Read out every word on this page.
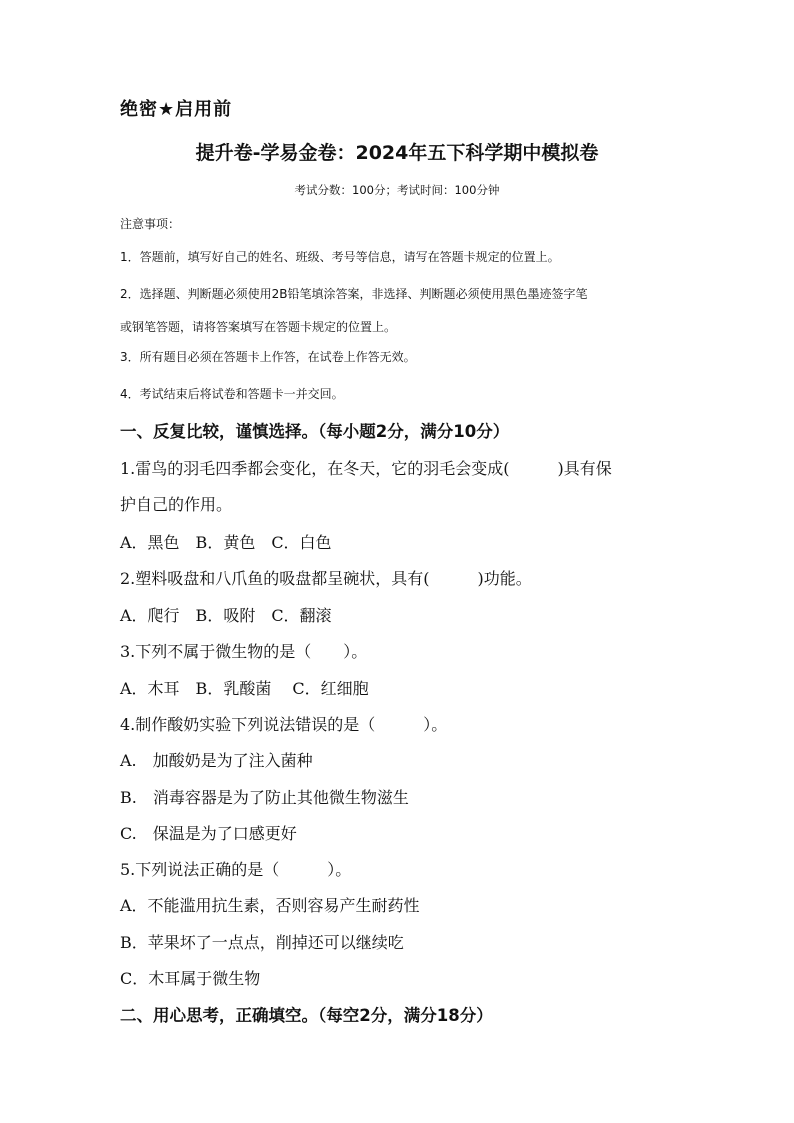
绝密★启用前
提升卷-学易金卷：2024年五下科学期中模拟卷
考试分数：100分；考试时间：100分钟
注意事项：
1．答题前，填写好自己的姓名、班级、考号等信息，请写在答题卡规定的位置上。
2．选择题、判断题必须使用2B铅笔填涂答案，非选择、判断题必须使用黑色墨迹签字笔
或钢笔答题，请将答案填写在答题卡规定的位置上。
3．所有题目必须在答题卡上作答，在试卷上作答无效。
4．考试结束后将试卷和答题卡一并交回。
一、反复比较，谨慎选择。（每小题2分，满分10分）
1.雷鸟的羽毛四季都会变化，在冬天，它的羽毛会变成(　　　)具有保
护自己的作用。
A．黑色　B．黄色　C．白色
2.塑料吸盘和八爪鱼的吸盘都呈碗状，具有(　　　)功能。
A．爬行　B．吸附　C．翻滚
3.下列不属于微生物的是（　　）。
A．木耳　B．乳酸菌　 C．红细胞
4.制作酸奶实验下列说法错误的是（　　　）。
A.　加酸奶是为了注入菌种
B.　消毒容器是为了防止其他微生物滋生
C.　保温是为了口感更好
5.下列说法正确的是（　　　）。
A．不能滥用抗生素，否则容易产生耐药性
B．苹果坏了一点点，削掉还可以继续吃
C．木耳属于微生物
二、用心思考，正确填空。（每空2分，满分18分）
